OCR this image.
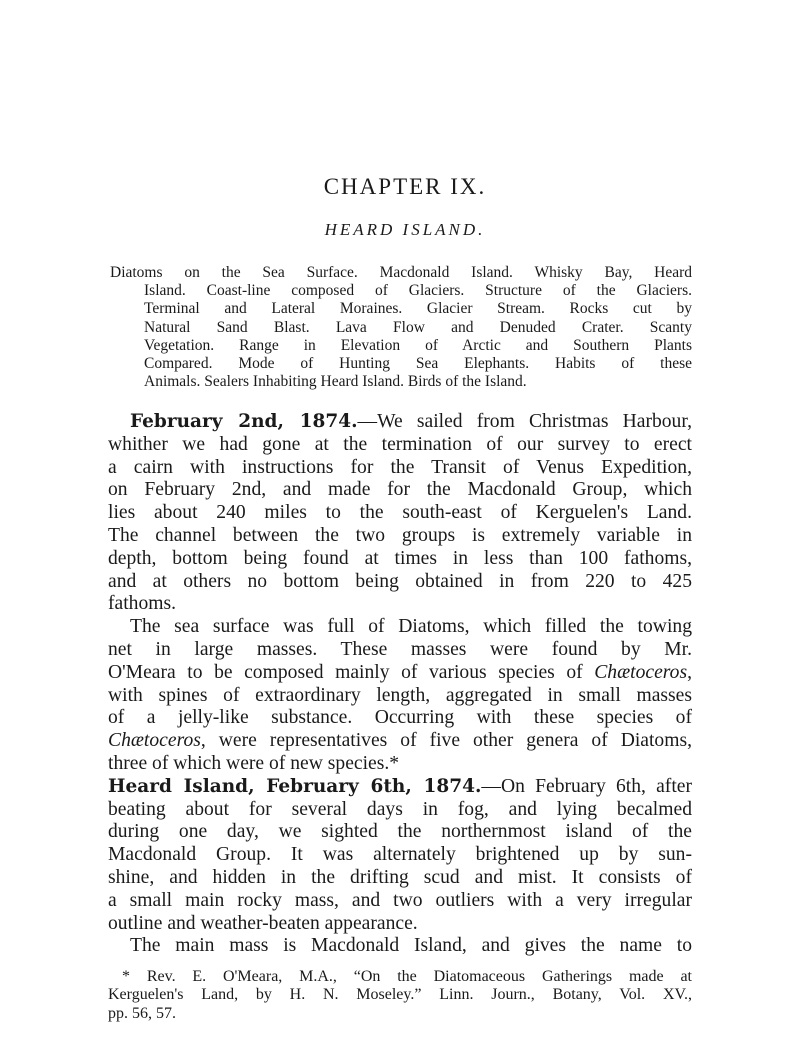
CHAPTER IX.
HEARD ISLAND.
Diatoms on the Sea Surface. Macdonald Island. Whisky Bay, Heard
Island. Coast-line composed of Glaciers. Structure of the Glaciers.
Terminal and Lateral Moraines. Glacier Stream. Rocks cut by
Natural Sand Blast. Lava Flow and Denuded Crater. Scanty
Vegetation. Range in Elevation of Arctic and Southern Plants
Compared. Mode of Hunting Sea Elephants. Habits of these
Animals. Sealers Inhabiting Heard Island. Birds of the Island.
February 2nd, 1874.—We sailed from Christmas Harbour,
whither we had gone at the termination of our survey to erect
a cairn with instructions for the Transit of Venus Expedition,
on February 2nd, and made for the Macdonald Group, which
lies about 240 miles to the south-east of Kerguelen's Land.
The channel between the two groups is extremely variable in
depth, bottom being found at times in less than 100 fathoms,
and at others no bottom being obtained in from 220 to 425
fathoms.
The sea surface was full of Diatoms, which filled the towing
net in large masses. These masses were found by Mr.
O'Meara to be composed mainly of various species of Chætoceros,
with spines of extraordinary length, aggregated in small masses
of a jelly-like substance. Occurring with these species of
Chætoceros, were representatives of five other genera of Diatoms,
three of which were of new species.*
Heard Island, February 6th, 1874.—On February 6th, after
beating about for several days in fog, and lying becalmed
during one day, we sighted the northernmost island of the
Macdonald Group. It was alternately brightened up by sun-
shine, and hidden in the drifting scud and mist. It consists of
a small main rocky mass, and two outliers with a very irregular
outline and weather-beaten appearance.
The main mass is Macdonald Island, and gives the name to
* Rev. E. O'Meara, M.A., “On the Diatomaceous Gatherings made at
Kerguelen's Land, by H. N. Moseley.” Linn. Journ., Botany, Vol. XV.,
pp. 56, 57.
